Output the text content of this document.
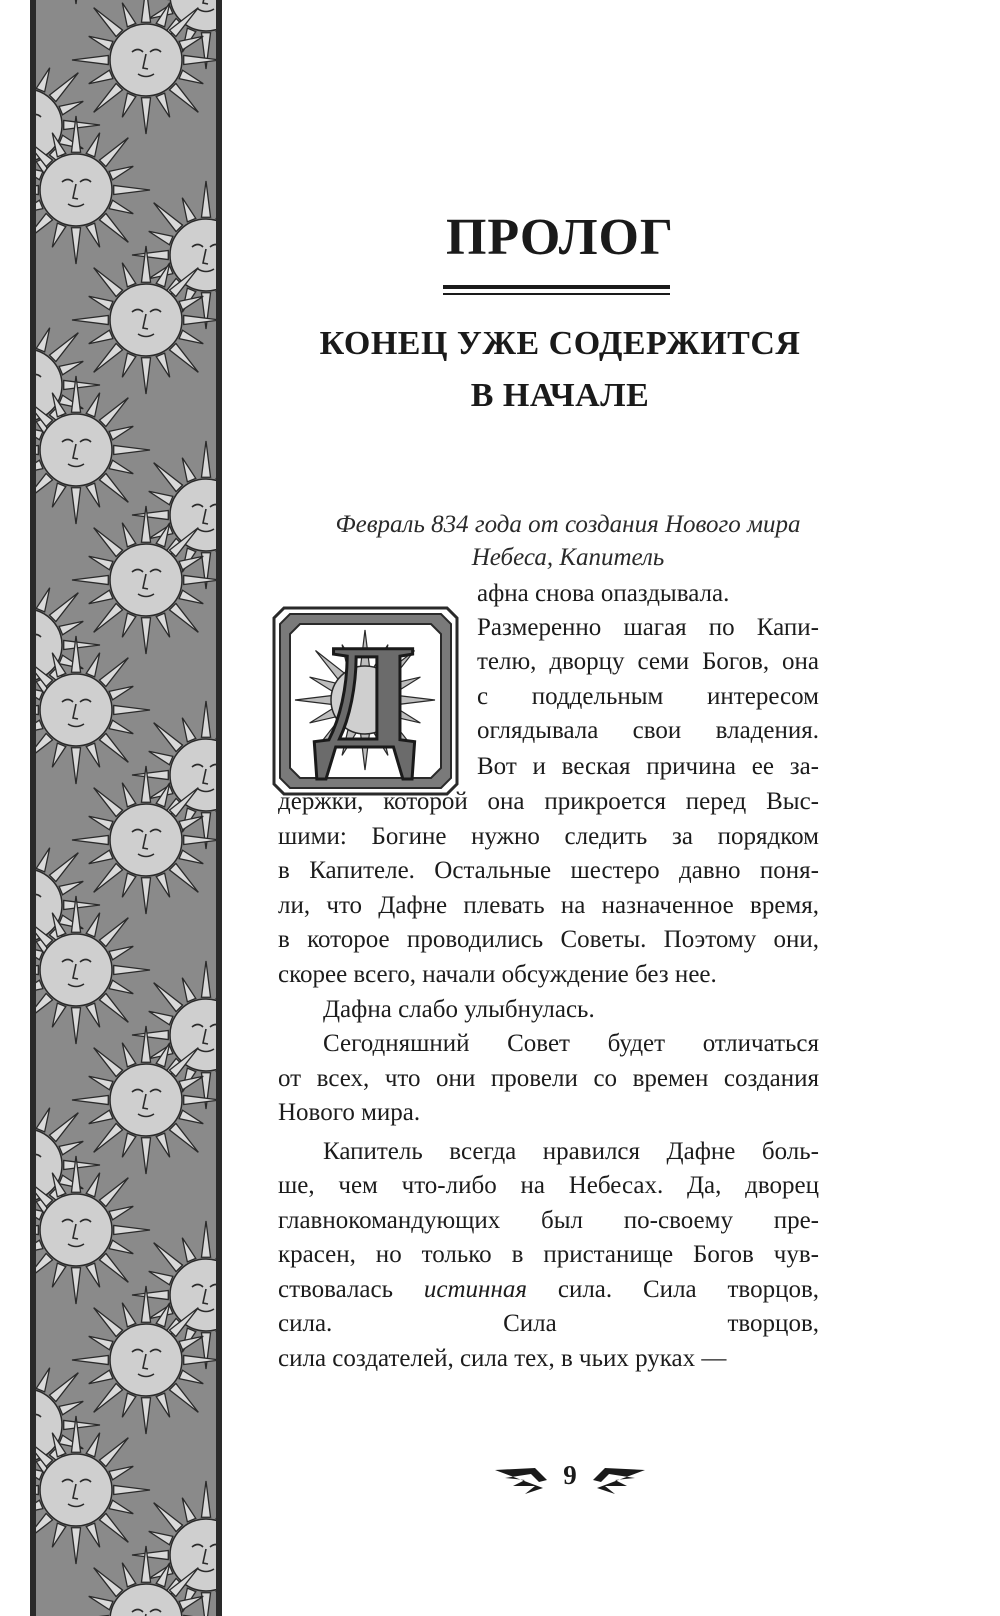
ПРОЛОГ
КОНЕЦ УЖЕ СОДЕРЖИТСЯ
В НАЧАЛЕ
Февраль 834 года от создания Нового мира
Небеса, Капитель
Д
афна снова опаздывала.
Размеренно шагая по Капи-
телю, дворцу семи Богов, она
с поддельным интересом
оглядывала свои владения.
Вот и веская причина ее за-
держки, которой она прикроется перед Выс-
шими: Богине нужно следить за порядком
в Капителе. Остальные шестеро давно поня-
ли, что Дафне плевать на назначенное время,
в которое проводились Советы. Поэтому они,
скорее всего, начали обсуждение без нее.
Дафна слабо улыбнулась.
Сегодняшний Совет будет отличаться
от всех, что они провели со времен создания
Нового мира.
Капитель всегда нравился Дафне боль-
ше, чем что-либо на Небесах. Да, дворец
главнокомандующих был по-своему пре-
красен, но только в пристанище Богов чув-
сила. Сила творцов,
сила создателей, сила тех, в чьих руках —
ствовалась истинная сила. Сила творцов,
9
